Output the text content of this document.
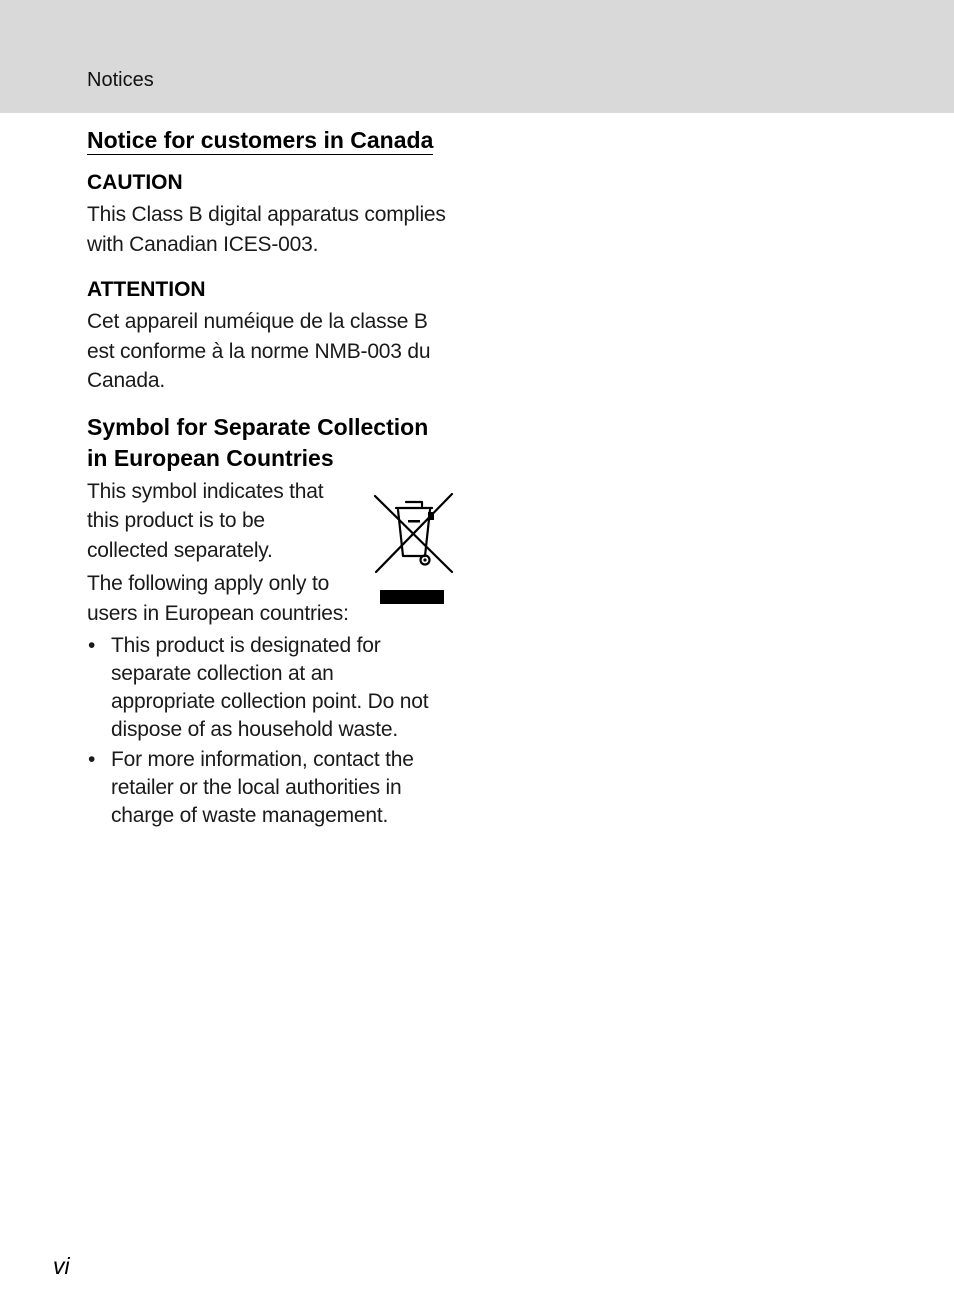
Notices
Notice for customers in Canada
CAUTION
This Class B digital apparatus complies
with Canadian ICES-003.
ATTENTION
Cet appareil numéique de la classe B
est conforme à la norme NMB-003 du
Canada.
Symbol for Separate Collection
in European Countries
This symbol indicates that
this product is to be
collected separately.
The following apply only to
users in European countries:
• This product is designated for
separate collection at an
appropriate collection point. Do not
dispose of as household waste.
• For more information, contact the
retailer or the local authorities in
charge of waste management.
vi
